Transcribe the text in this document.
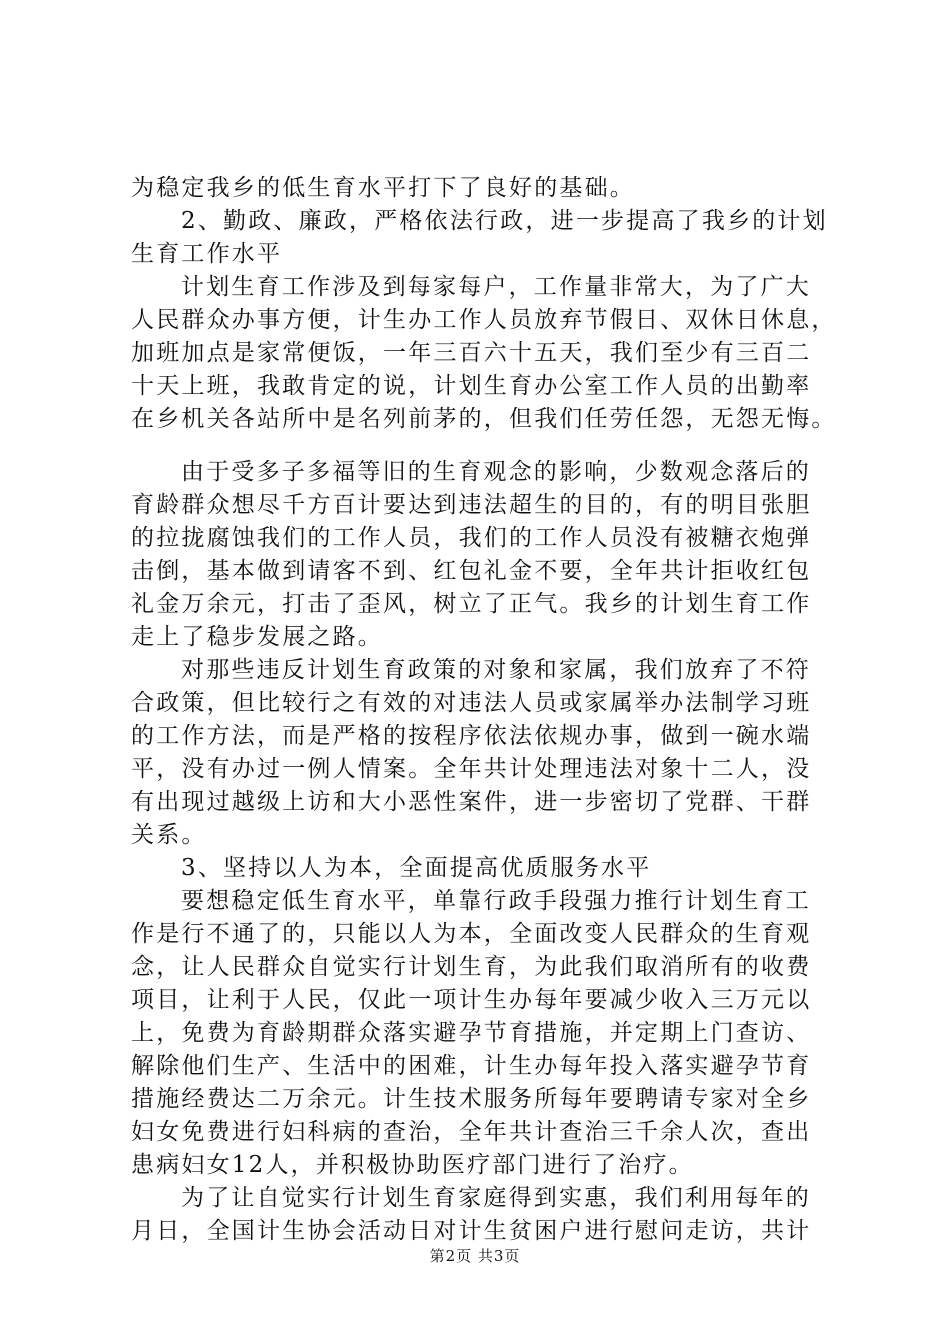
为稳定我乡的低生育水平打下了良好的基础。
2、勤政、廉政，严格依法行政，进一步提高了我乡的计划
生育工作水平
计划生育工作涉及到每家每户，工作量非常大，为了广大
人民群众办事方便，计生办工作人员放弃节假日、双休日休息，
加班加点是家常便饭，一年三百六十五天，我们至少有三百二
十天上班，我敢肯定的说，计划生育办公室工作人员的出勤率
在乡机关各站所中是名列前茅的，但我们任劳任怨，无怨无悔。
由于受多子多福等旧的生育观念的影响，少数观念落后的
育龄群众想尽千方百计要达到违法超生的目的，有的明目张胆
的拉拢腐蚀我们的工作人员，我们的工作人员没有被糖衣炮弹
击倒，基本做到请客不到、红包礼金不要，全年共计拒收红包
礼金万余元，打击了歪风，树立了正气。我乡的计划生育工作
走上了稳步发展之路。
对那些违反计划生育政策的对象和家属，我们放弃了不符
合政策，但比较行之有效的对违法人员或家属举办法制学习班
的工作方法，而是严格的按程序依法依规办事，做到一碗水端
平，没有办过一例人情案。全年共计处理违法对象十二人，没
有出现过越级上访和大小恶性案件，进一步密切了党群、干群
关系。
3、坚持以人为本，全面提高优质服务水平
要想稳定低生育水平，单靠行政手段强力推行计划生育工
作是行不通了的，只能以人为本，全面改变人民群众的生育观
念，让人民群众自觉实行计划生育，为此我们取消所有的收费
项目，让利于人民，仅此一项计生办每年要减少收入三万元以
上，免费为育龄期群众落实避孕节育措施，并定期上门查访、
解除他们生产、生活中的困难，计生办每年投入落实避孕节育
措施经费达二万余元。计生技术服务所每年要聘请专家对全乡
妇女免费进行妇科病的查治，全年共计查治三千余人次，查出
患病妇女12人，并积极协助医疗部门进行了治疗。
为了让自觉实行计划生育家庭得到实惠，我们利用每年的
月日，全国计生协会活动日对计生贫困户进行慰问走访，共计
第2页 共3页
